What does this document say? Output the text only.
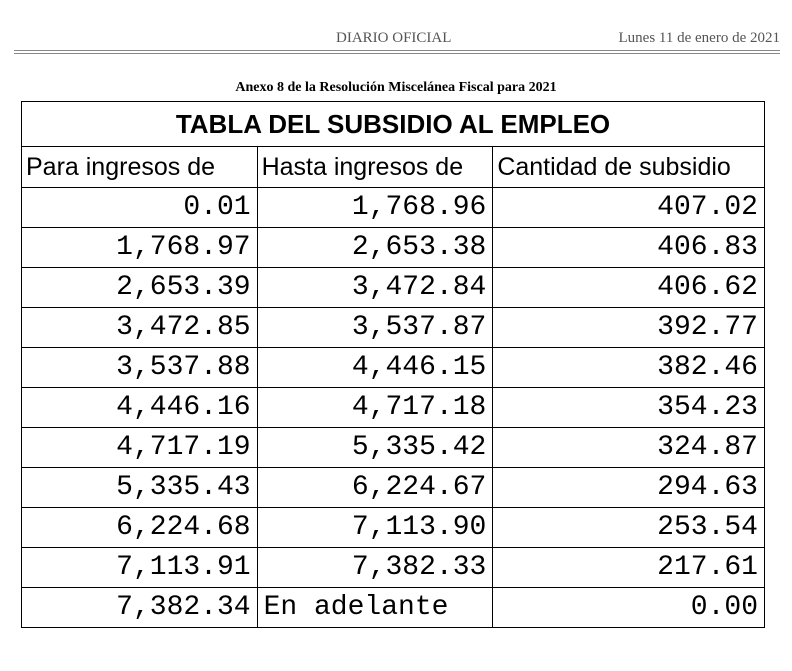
DIARIO OFICIAL	Lunes 11 de enero de 2021
Anexo 8 de la Resolución Miscelánea Fiscal para 2021
TABLA DEL SUBSIDIO AL EMPLEO		
Para ingresos de	Hasta ingresos de	Cantidad de subsidio
0.01	1,768.96	407.02
1,768.97	2,653.38	406.83
2,653.39	3,472.84	406.62
3,472.85	3,537.87	392.77
3,537.88	4,446.15	382.46
4,446.16	4,717.18	354.23
4,717.19	5,335.42	324.87
5,335.43	6,224.67	294.63
6,224.68	7,113.90	253.54
7,113.91	7,382.33	217.61
7,382.34	En adelante	0.00
